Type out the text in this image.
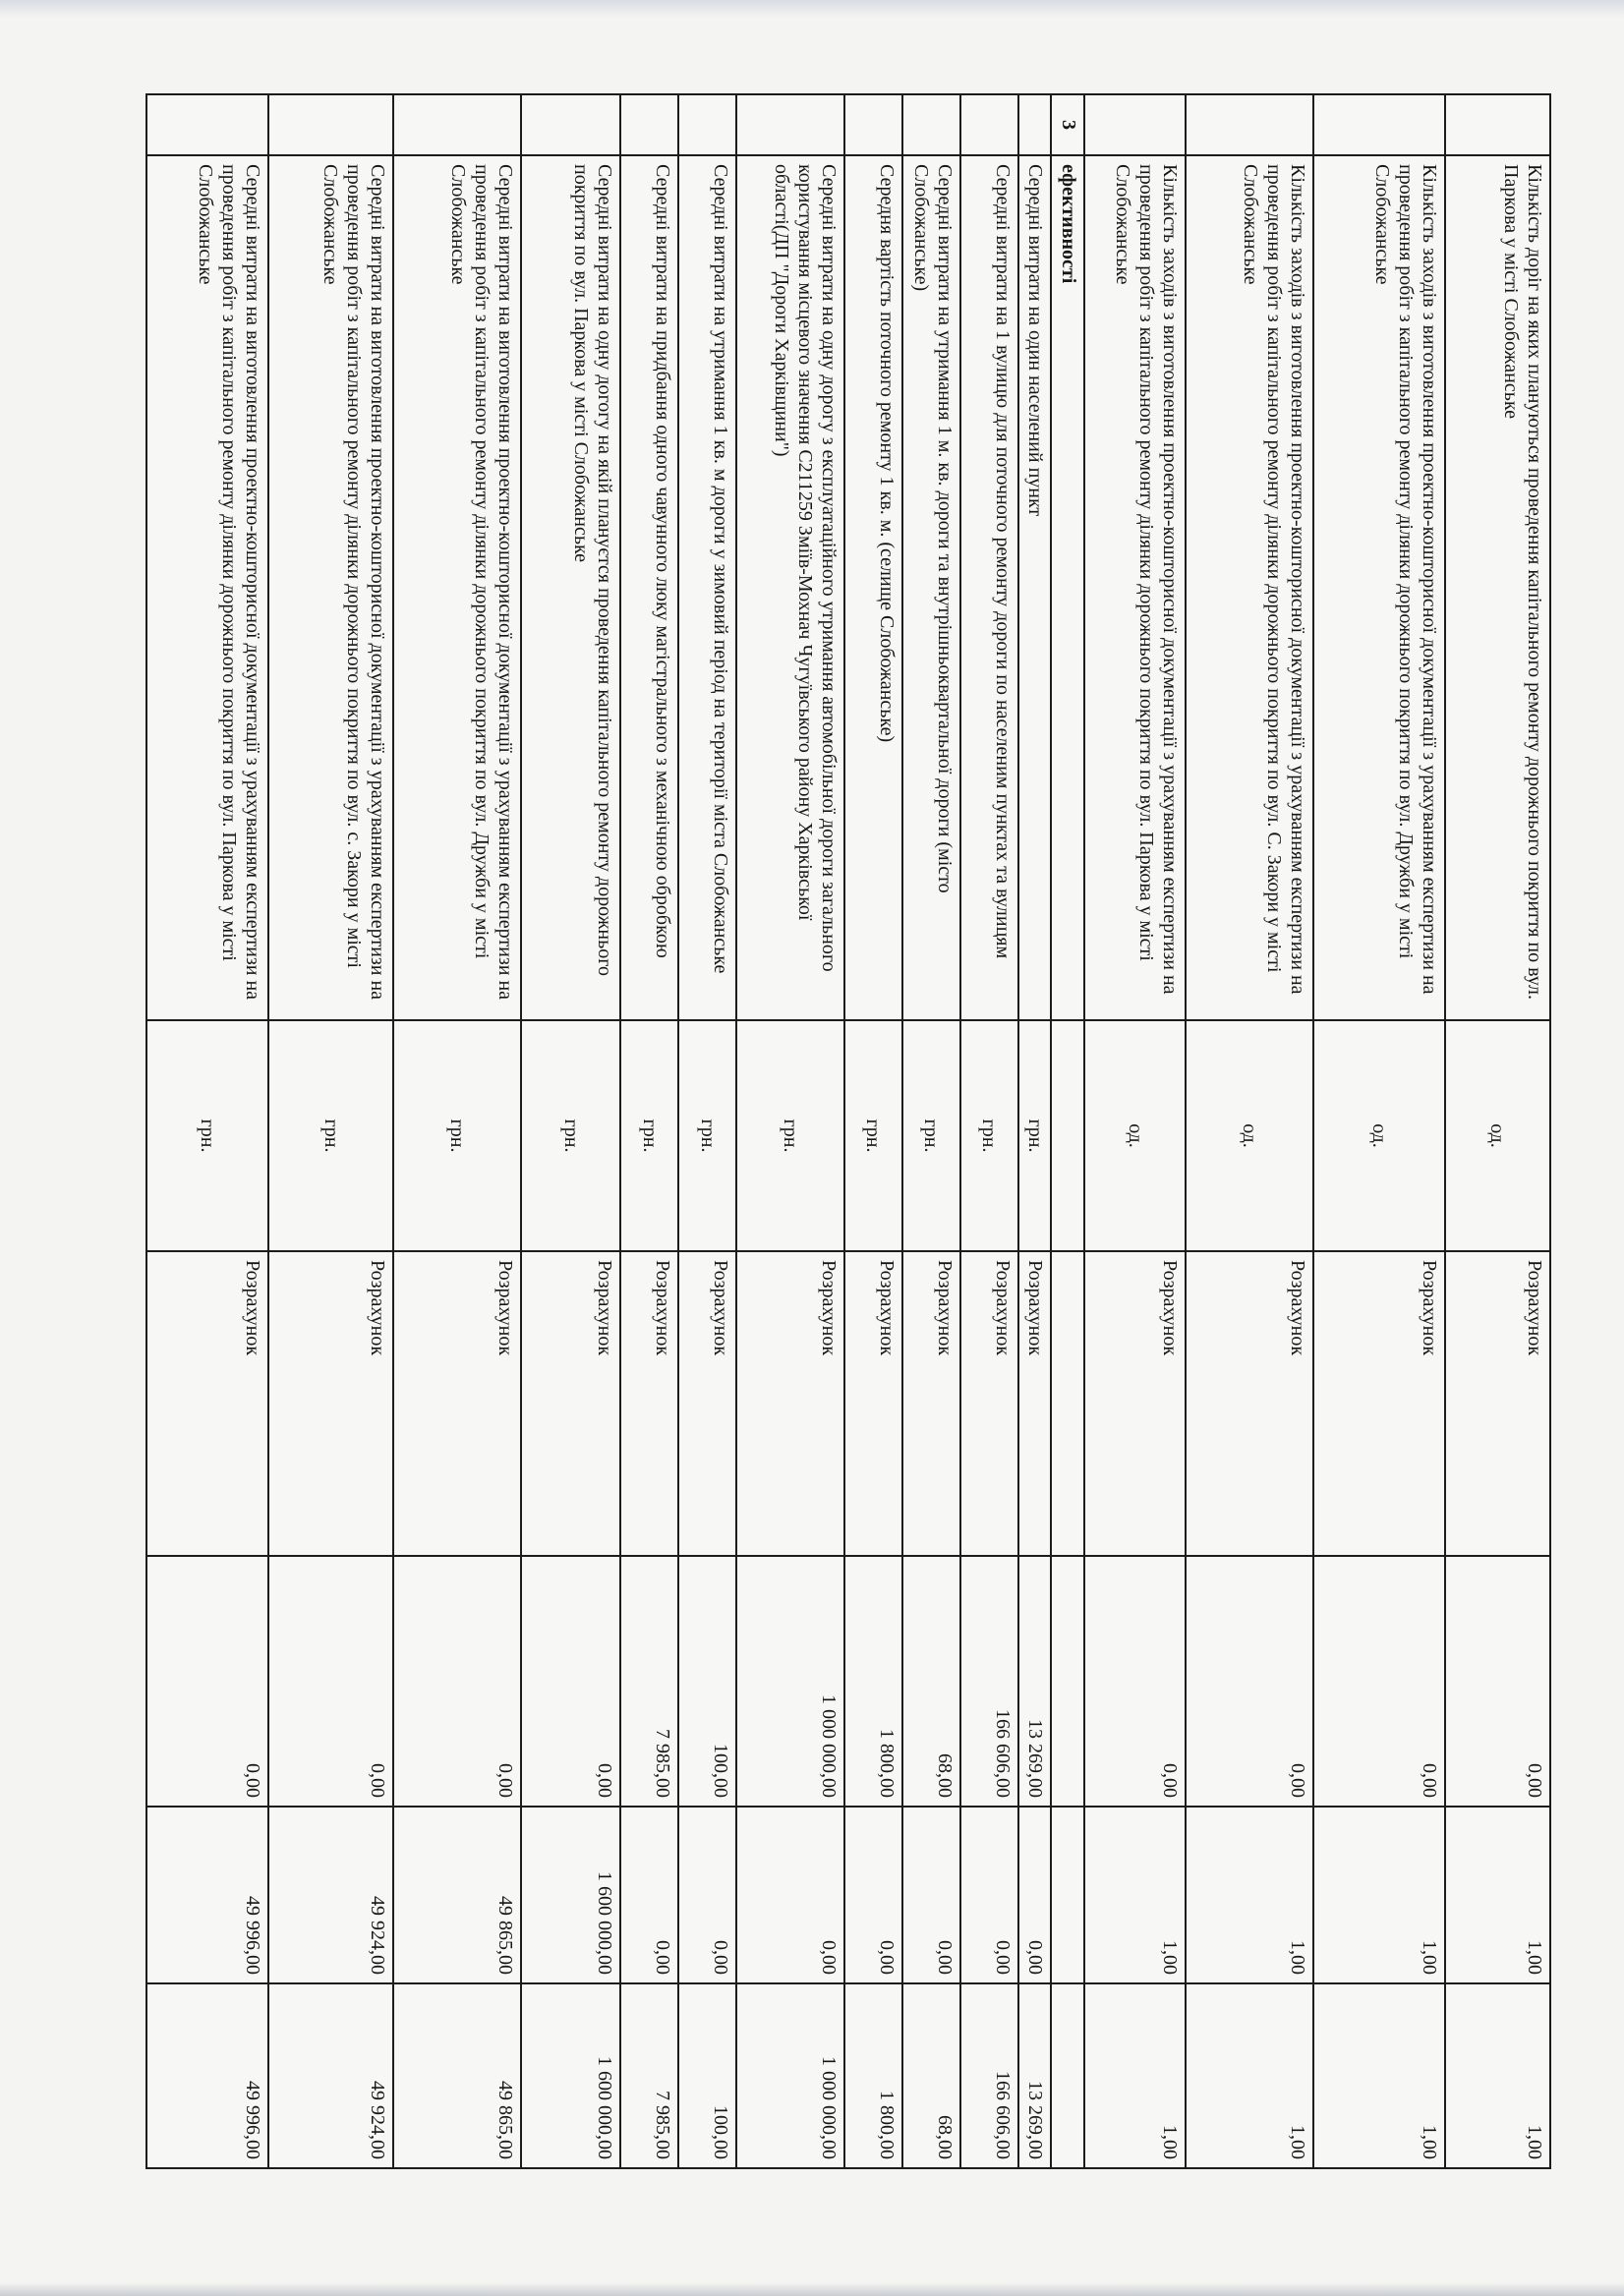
	Кількість доріг на яких плануються проведення капітального ремонту дорожнього покриття по вул. Паркова у місті Слобожанське	од.	Розрахунок	0,00	1,00	1,00
	Кількість заходів з виготовлення проектно-кошторисної документації з урахуванням експертизи на проведення робіт з капітального ремонту ділянки дорожнього покриття по вул. Дружби у місті Слобожанське	од.	Розрахунок	0,00	1,00	1,00
	Кількість заходів з виготовлення проектно-кошторисної документації з урахуванням експертизи на проведення робіт з капітального ремонту ділянки дорожнього покриття по вул. С. Закори у місті Слобожанське	од.	Розрахунок	0,00	1,00	1,00
	Кількість заходів з виготовлення проектно-кошторисної документації з урахуванням експертизи на проведення робіт з капітального ремонту ділянки дорожнього покриття по вул. Паркова у місті Слобожанське	од.	Розрахунок	0,00	1,00	1,00
3	ефективності					
	Середні витрати на один населений пункт	грн.	Розрахунок	13 269,00	0,00	13 269,00
	Середні витрати на 1 вулицю для поточного ремонту дороги по населеним пунктах та вулицям	грн.	Розрахунок	166 606,00	0,00	166 606,00
	Середні витрати на утримання 1 м. кв. дороги та внутрішньоквартальної дороги (місто Слобожанське)	грн.	Розрахунок	68,00	0,00	68,00
	Середня вартість поточного ремонту 1 кв. м. (селище Слобожанське)	грн.	Розрахунок	1 800,00	0,00	1 800,00
	Середні витрати на одну дорогу з експлуатаційного утримання автомобільної дороги загального користування місцевого значення С211259 Зміїв-Мохнач Чугуївського району Харківської області(ДП "Дороги Харківщини")	грн.	Розрахунок	1 000 000,00	0,00	1 000 000,00
	Середні витрати на утримання 1 кв. м дороги у зимовий період на території міста Слобожанське	грн.	Розрахунок	100,00	0,00	100,00
	Середні витрати на придбання одного чавунного люку магістрального з механічною обробкою	грн.	Розрахунок	7 985,00	0,00	7 985,00
	Середні витрати на одну догогу на якій плануєтся проведення капітального ремонту дорожнього покриття по вул. Паркова у місті Слобожанське	грн.	Розрахунок	0,00	1 600 000,00	1 600 000,00
	Середні витрати на виготовлення проектно-кошторисної документації з урахуванням експертизи на проведення робіт з капітального ремонту ділянки дорожнього покриття по вул. Дружби у місті Слобожанське	грн.	Розрахунок	0,00	49 865,00	49 865,00
	Середні витрати на виготовлення проектно-кошторисної документації з урахуванням експертизи на проведення робіт з капітального ремонту ділянки дорожнього покриття по вул. с. Закори у місті Слобожанське	грн.	Розрахунок	0,00	49 924,00	49 924,00
	Середні витрати на виготовлення проектно-кошторисної документації з урахуванням експертизи на проведення робіт з капітального ремонту ділянки дорожнього покриття по вул. Паркова у місті Слобожанське	грн.	Розрахунок	0,00	49 996,00	49 996,00
